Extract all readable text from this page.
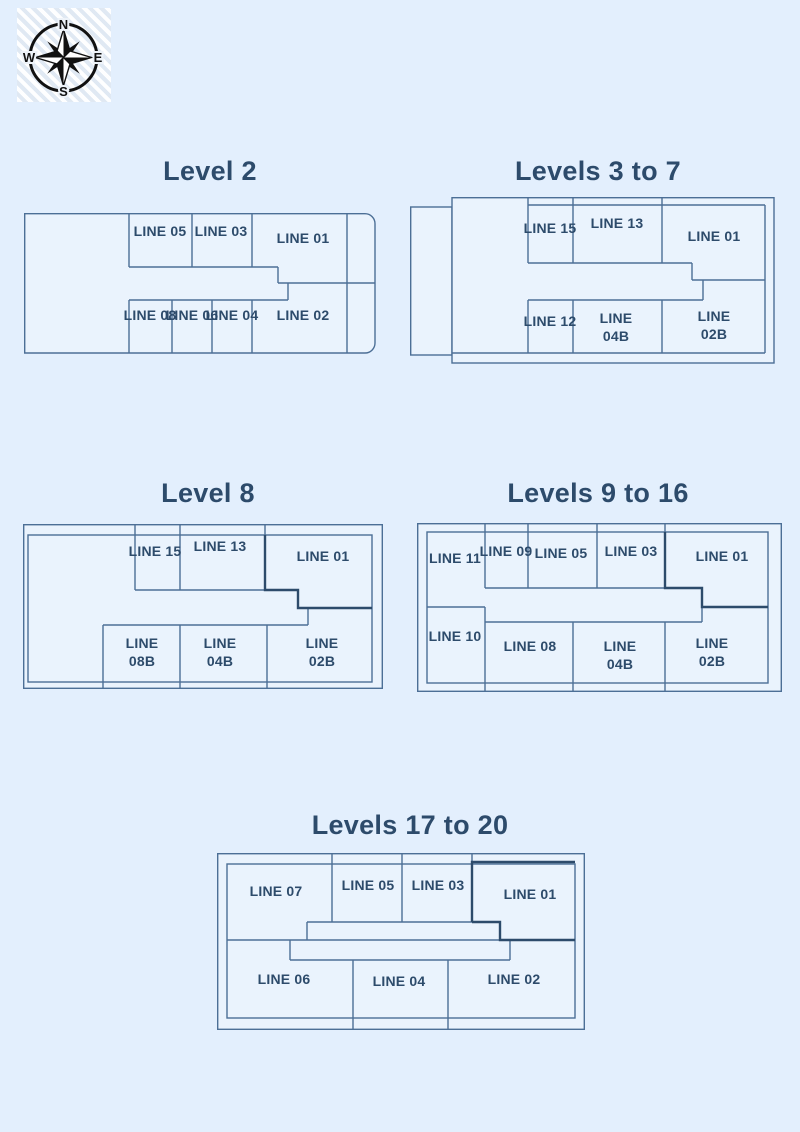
N
E
S
W
Level 2
LINE 05 LINE 03 LINE 01
LINE 08
LINE 06
LINE 04 LINE 02
Levels 3 to 7
LINE 15 LINE 13
LINE 01
LINE 12	LINE 04B
LINE 02B
Level 8
LINE 15 LINE 13
LINE 01
LINE 08B
LINE 04B
LINE 02B
Levels 9 to 16
LINE 11
LINE 09 LINE 05 LINE 03	LINE 01
LINE 10
LINE 08	LINE 04B
LINE 02B
Levels 17 to 20
LINE 07	LINE 05 LINE 03
LINE 01
LINE 06	LINE 04	LINE 02
